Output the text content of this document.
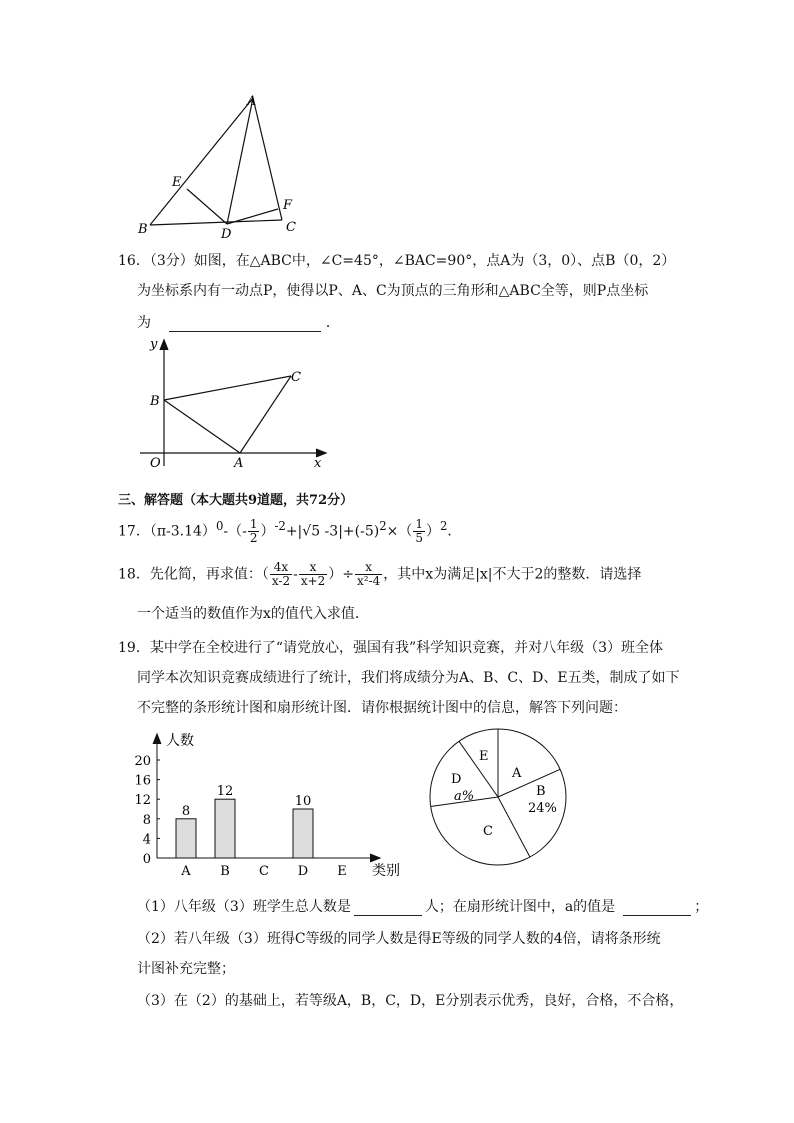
A
E
F
B	D	C
16．（3分）如图，在△ABC中，∠C=45°，∠BAC=90°，点A为（3，0）、点B（0，2）
为坐标系内有一动点P，使得以P、A、C为顶点的三角形和△ABC全等，则P点坐标
为	．
y
C
B
O	A	x
三、解答题（本大题共9道题，共72分）
17．$(\pi-3.14)^0-(- \frac{1}{2} )^{-2}+|√5$ $-3|+(-5)^2\times( \frac{1}{5} )^2$．
18．先化简，再求值：（ $\frac{4x}{x-2} - \frac{x}{x+2}$ ）÷ $\frac{x}{\text{x²-4}}$ ，其中x为满足|x|不大于2的整数．请选择
一个适当的数值作为x的值代入求值．
19．某中学在全校进行了“请党放心，强国有我”科学知识竞赛，并对八年级（3）班全体
同学本次知识竞赛成绩进行了统计，我们将成绩分为A、B、C、D、E五类，制成了如下
不完整的条形统计图和扇形统计图．请你根据统计图中的信息，解答下列问题：
人数
类别
0
4
8
12
16
20
A
8
B
12
C D
10
E
A
B
24%
C
D
a%
E
（1）八年级（3）班学生总人数是	人；在扇形统计图中，a的值是	；
（2）若八年级（3）班得C等级的同学人数是得E等级的同学人数的4倍，请将条形统
计图补充完整；
（3）在（2）的基础上，若等级A，B，C，D，E分别表示优秀，良好，合格，不合格，
